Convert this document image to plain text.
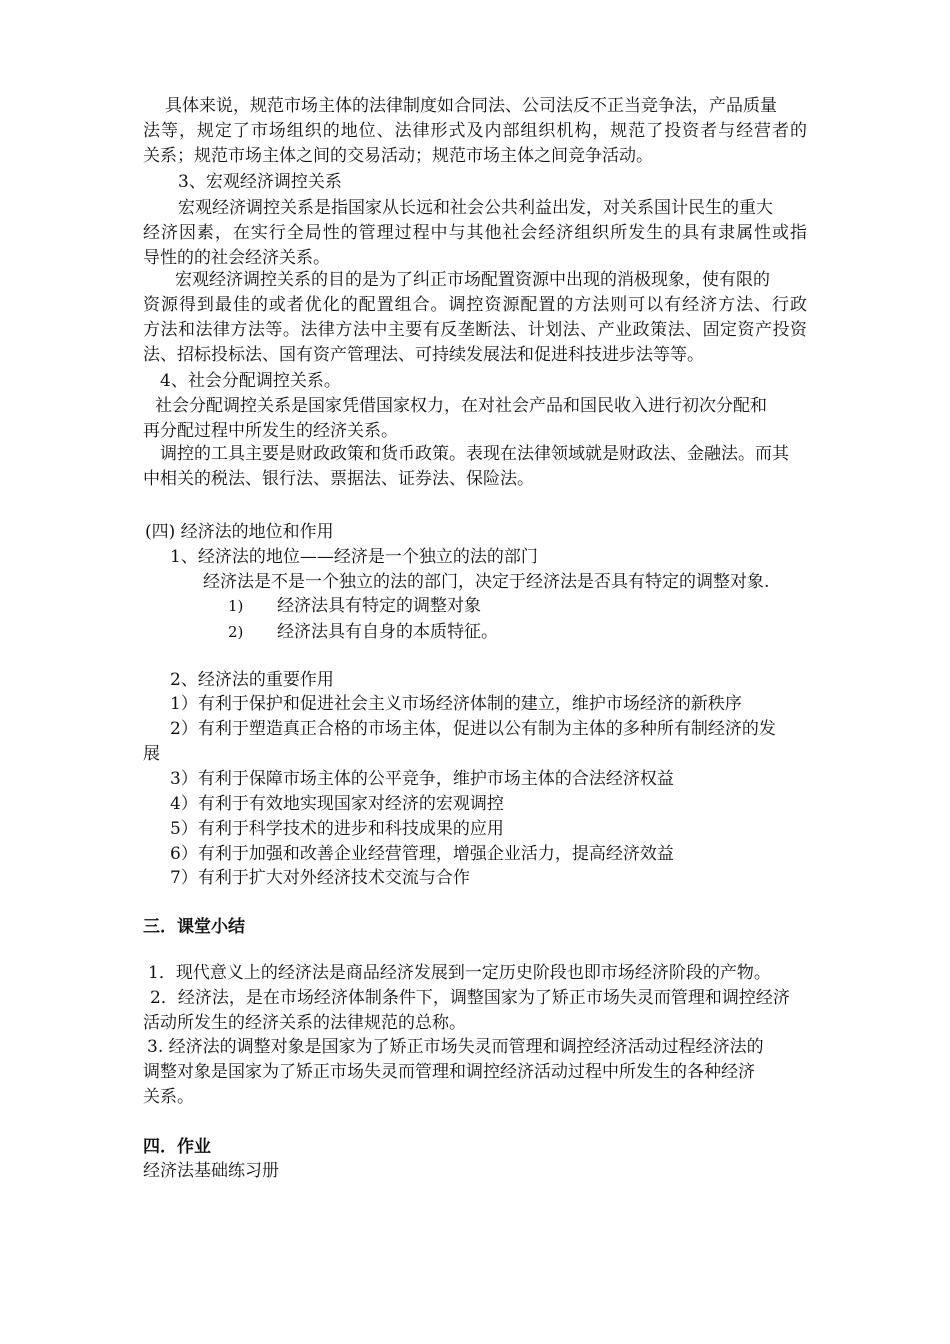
具体来说，规范市场主体的法律制度如合同法、公司法反不正当竞争法，产品质量
法等，规定了市场组织的地位、法律形式及内部组织机构，规范了投资者与经营者的
关系；规范市场主体之间的交易活动；规范市场主体之间竞争活动。
3、宏观经济调控关系
宏观经济调控关系是指国家从长远和社会公共利益出发，对关系国计民生的重大
经济因素，在实行全局性的管理过程中与其他社会经济组织所发生的具有隶属性或指
导性的的社会经济关系。
宏观经济调控关系的目的是为了纠正市场配置资源中出现的消极现象，使有限的
资源得到最佳的或者优化的配置组合。调控资源配置的方法则可以有经济方法、行政
方法和法律方法等。法律方法中主要有反垄断法、计划法、产业政策法、固定资产投资
法、招标投标法、国有资产管理法、可持续发展法和促进科技进步法等等。
4、社会分配调控关系。
社会分配调控关系是国家凭借国家权力，在对社会产品和国民收入进行初次分配和
再分配过程中所发生的经济关系。
调控的工具主要是财政政策和货币政策。表现在法律领域就是财政法、金融法。而其
中相关的税法、银行法、票据法、证券法、保险法。
(四) 经济法的地位和作用
1、经济法的地位——经济是一个独立的法的部门
经济法是不是一个独立的法的部门，决定于经济法是否具有特定的调整对象.
1) 经济法具有特定的调整对象
2) 经济法具有自身的本质特征。
2、经济法的重要作用
1）有利于保护和促进社会主义市场经济体制的建立，维护市场经济的新秩序
2）有利于塑造真正合格的市场主体，促进以公有制为主体的多种所有制经济的发
展
3）有利于保障市场主体的公平竞争，维护市场主体的合法经济权益
4）有利于有效地实现国家对经济的宏观调控
5）有利于科学技术的进步和科技成果的应用
6）有利于加强和改善企业经营管理，增强企业活力，提高经济效益
7）有利于扩大对外经济技术交流与合作
三．课堂小结
1．现代意义上的经济法是商品经济发展到一定历史阶段也即市场经济阶段的产物。
2．经济法，是在市场经济体制条件下，调整国家为了矫正市场失灵而管理和调控经济
活动所发生的经济关系的法律规范的总称。
3. 经济法的调整对象是国家为了矫正市场失灵而管理和调控经济活动过程经济法的
调整对象是国家为了矫正市场失灵而管理和调控经济活动过程中所发生的各种经济
关系。
四．作业
经济法基础练习册
